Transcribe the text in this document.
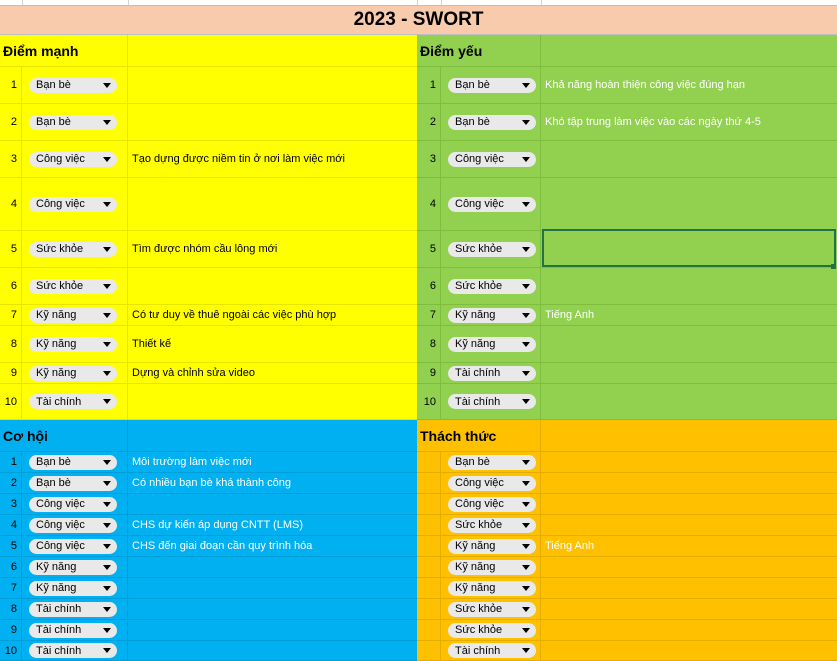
2023 - SWORT
Điểm mạnh
1	Bạn bè
2	Bạn bè
3	Công việc	Tạo dựng được niềm tin ở nơi làm việc mới
4	Công việc
5	Sức khỏe	Tìm được nhóm cầu lông mới
6	Sức khỏe
7	Kỹ năng	Có tư duy về thuê ngoài các việc phù hợp
8	Kỹ năng	Thiết kế
9	Kỹ năng	Dựng và chỉnh sửa video
10	Tài chính
Điểm yếu
1	Bạn bè	Khả năng hoàn thiện công việc đúng hạn
2	Bạn bè	Khó tập trung làm việc vào các ngày thứ 4-5
3	Công việc
4	Công việc
5	Sức khỏe
6	Sức khỏe
7	Kỹ năng	Tiếng Anh
8	Kỹ năng
9	Tài chính
10	Tài chính
Cơ hội
1	Bạn bè	Môi trường làm việc mới
2	Bạn bè	Có nhiều bạn bè khá thành công
3	Công việc
4	Công việc	CHS dự kiến áp dụng CNTT (LMS)
5	Công việc	CHS đến giai đoạn cần quy trình hóa
6	Kỹ năng
7	Kỹ năng
8	Tài chính
9	Tài chính
10	Tài chính
Thách thức
Bạn bè
Công việc
Công việc
Sức khỏe
Kỹ năng	Tiếng Anh
Kỹ năng
Kỹ năng
Sức khỏe
Sức khỏe
Tài chính
